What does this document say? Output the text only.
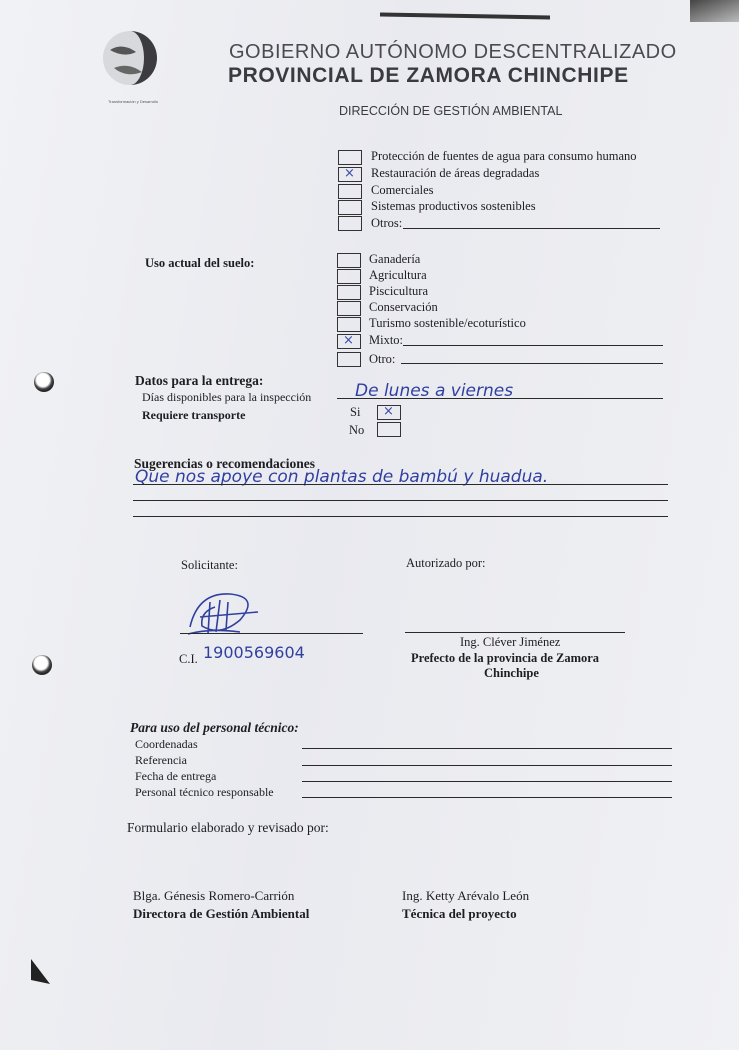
Transformación y Desarrollo
GOBIERNO AUTÓNOMO DESCENTRALIZADO
PROVINCIAL DE ZAMORA CHINCHIPE
DIRECCIÓN DE GESTIÓN AMBIENTAL
Protección de fuentes de agua para consumo humano
× Restauración de áreas degradadas
Comerciales
Sistemas productivos sostenibles
Otros:
Uso actual del suelo:	Ganadería
Agricultura
Piscicultura
Conservación
Turismo sostenible/ecoturístico
× Mixto:
Otro:
Datos para la entrega:
Días disponibles para la inspección	De lunes a viernes
Requiere transporte	Si ×
No
Sugerencias o recomendaciones
Que nos apoye con plantas de bambú y huadua.
Solicitante:	Autorizado por:
C.I. 1900569604
Ing. Cléver Jiménez
Prefecto de la provincia de Zamora
Chinchipe
Para uso del personal técnico:
Coordenadas
Referencia
Fecha de entrega
Personal técnico responsable
Formulario elaborado y revisado por:
Blga. Génesis Romero-Carrión
Directora de Gestión Ambiental
Ing. Ketty Arévalo León
Técnica del proyecto
